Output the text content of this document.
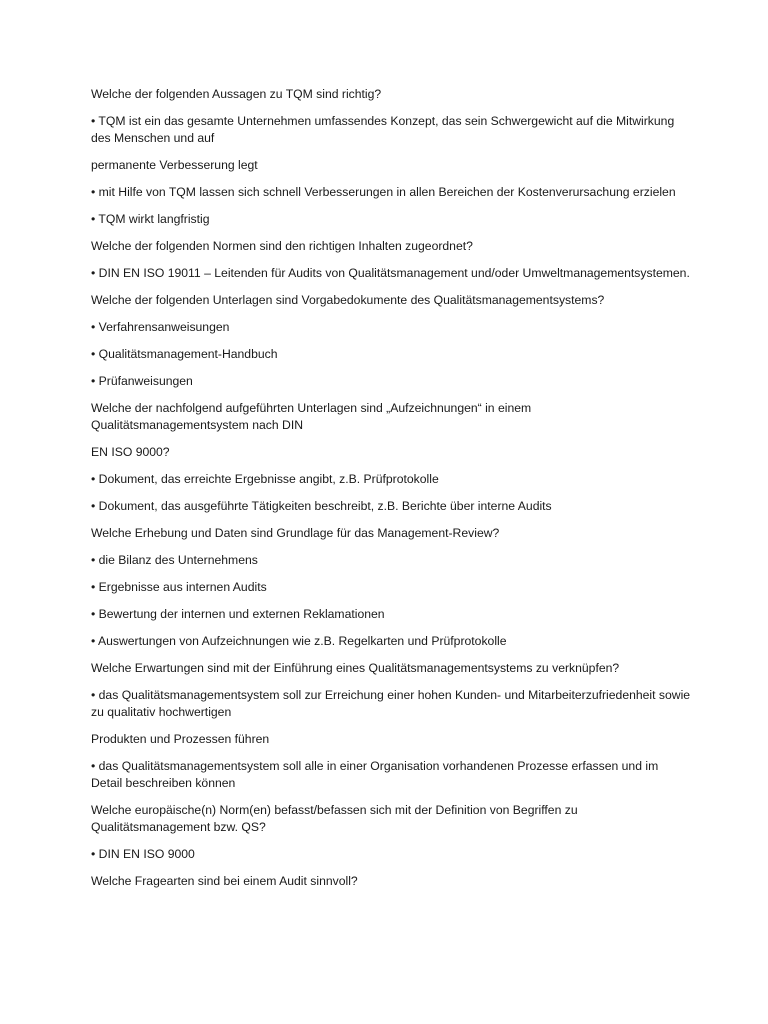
Welche der folgenden Aussagen zu TQM sind richtig?

• TQM ist ein das gesamte Unternehmen umfassendes Konzept, das sein Schwergewicht auf die Mitwirkung des Menschen und auf

permanente Verbesserung legt

• mit Hilfe von TQM lassen sich schnell Verbesserungen in allen Bereichen der Kostenverursachung erzielen

• TQM wirkt langfristig

Welche der folgenden Normen sind den richtigen Inhalten zugeordnet?

• DIN EN ISO 19011 – Leitenden für Audits von Qualitätsmanagement und/oder Umweltmanagementsystemen.

Welche der folgenden Unterlagen sind Vorgabedokumente des Qualitätsmanagementsystems?

• Verfahrensanweisungen

• Qualitätsmanagement-Handbuch

• Prüfanweisungen

Welche der nachfolgend aufgeführten Unterlagen sind „Aufzeichnungen“ in einem Qualitätsmanagementsystem nach DIN

EN ISO 9000?

• Dokument, das erreichte Ergebnisse angibt, z.B. Prüfprotokolle

• Dokument, das ausgeführte Tätigkeiten beschreibt, z.B. Berichte über interne Audits

Welche Erhebung und Daten sind Grundlage für das Management-Review?

• die Bilanz des Unternehmens

• Ergebnisse aus internen Audits

• Bewertung der internen und externen Reklamationen

• Auswertungen von Aufzeichnungen wie z.B. Regelkarten und Prüfprotokolle

Welche Erwartungen sind mit der Einführung eines Qualitätsmanagementsystems zu verknüpfen?

• das Qualitätsmanagementsystem soll zur Erreichung einer hohen Kunden- und Mitarbeiterzufriedenheit sowie zu qualitativ hochwertigen

Produkten und Prozessen führen

• das Qualitätsmanagementsystem soll alle in einer Organisation vorhandenen Prozesse erfassen und im Detail beschreiben können

Welche europäische(n) Norm(en) befasst/befassen sich mit der Definition von Begriffen zu Qualitätsmanagement bzw. QS?

• DIN EN ISO 9000

Welche Fragearten sind bei einem Audit sinnvoll?
